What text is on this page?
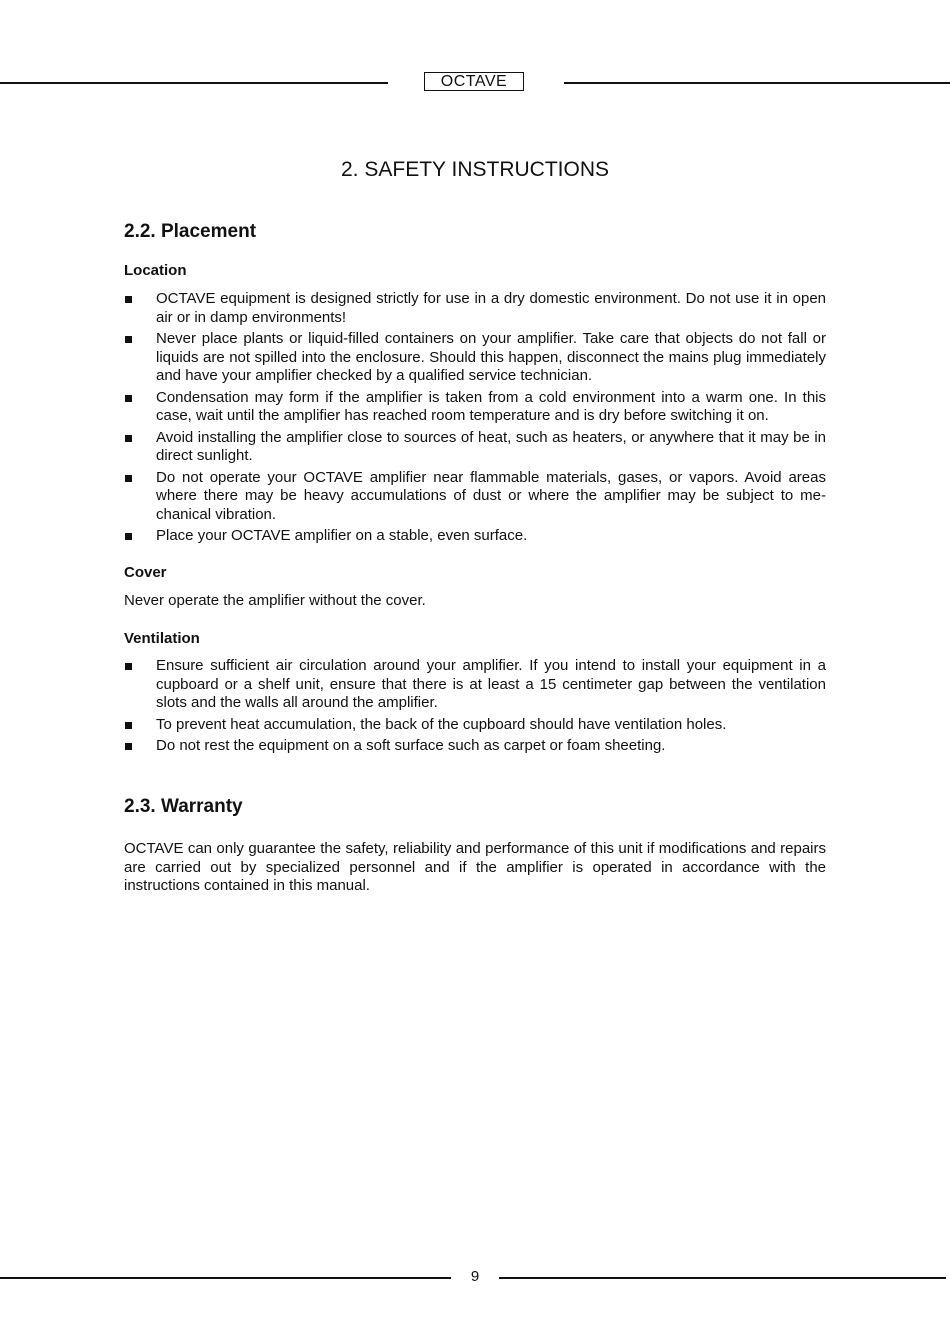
OCTAVE
2. SAFETY INSTRUCTIONS
2.2. Placement
Location
OCTAVE equipment is designed strictly for use in a dry domestic environment. Do not use it in open air or in damp environments!
Never place plants or liquid-filled containers on your amplifier. Take care that objects do not fall or liquids are not spilled into the enclosure. Should this happen, disconnect the mains plug immediately and have your amplifier checked by a qualified service technician.
Condensation may form if the amplifier is taken from a cold environment into a warm one. In this case, wait until the amplifier has reached room temperature and is dry before switching it on.
Avoid installing the amplifier close to sources of heat, such as heaters, or anywhere that it may be in direct sunlight.
Do not operate your OCTAVE amplifier near flammable materials, gases, or vapors. Avoid areas where there may be heavy accumulations of dust or where the amplifier may be subject to mechanical vibration.
Place your OCTAVE amplifier on a stable, even surface.
Cover

Never operate the amplifier without the cover.

Ventilation
Ensure sufficient air circulation around your amplifier. If you intend to install your equipment in a cupboard or a shelf unit, ensure that there is at least a 15 centimeter gap between the ventilation slots and the walls all around the amplifier.
To prevent heat accumulation, the back of the cupboard should have ventilation holes.
Do not rest the equipment on a soft surface such as carpet or foam sheeting.
2.3. Warranty

OCTAVE can only guarantee the safety, reliability and performance of this unit if modifications and repairs are carried out by specialized personnel and if the amplifier is operated in accordance with the instructions contained in this manual.

9
